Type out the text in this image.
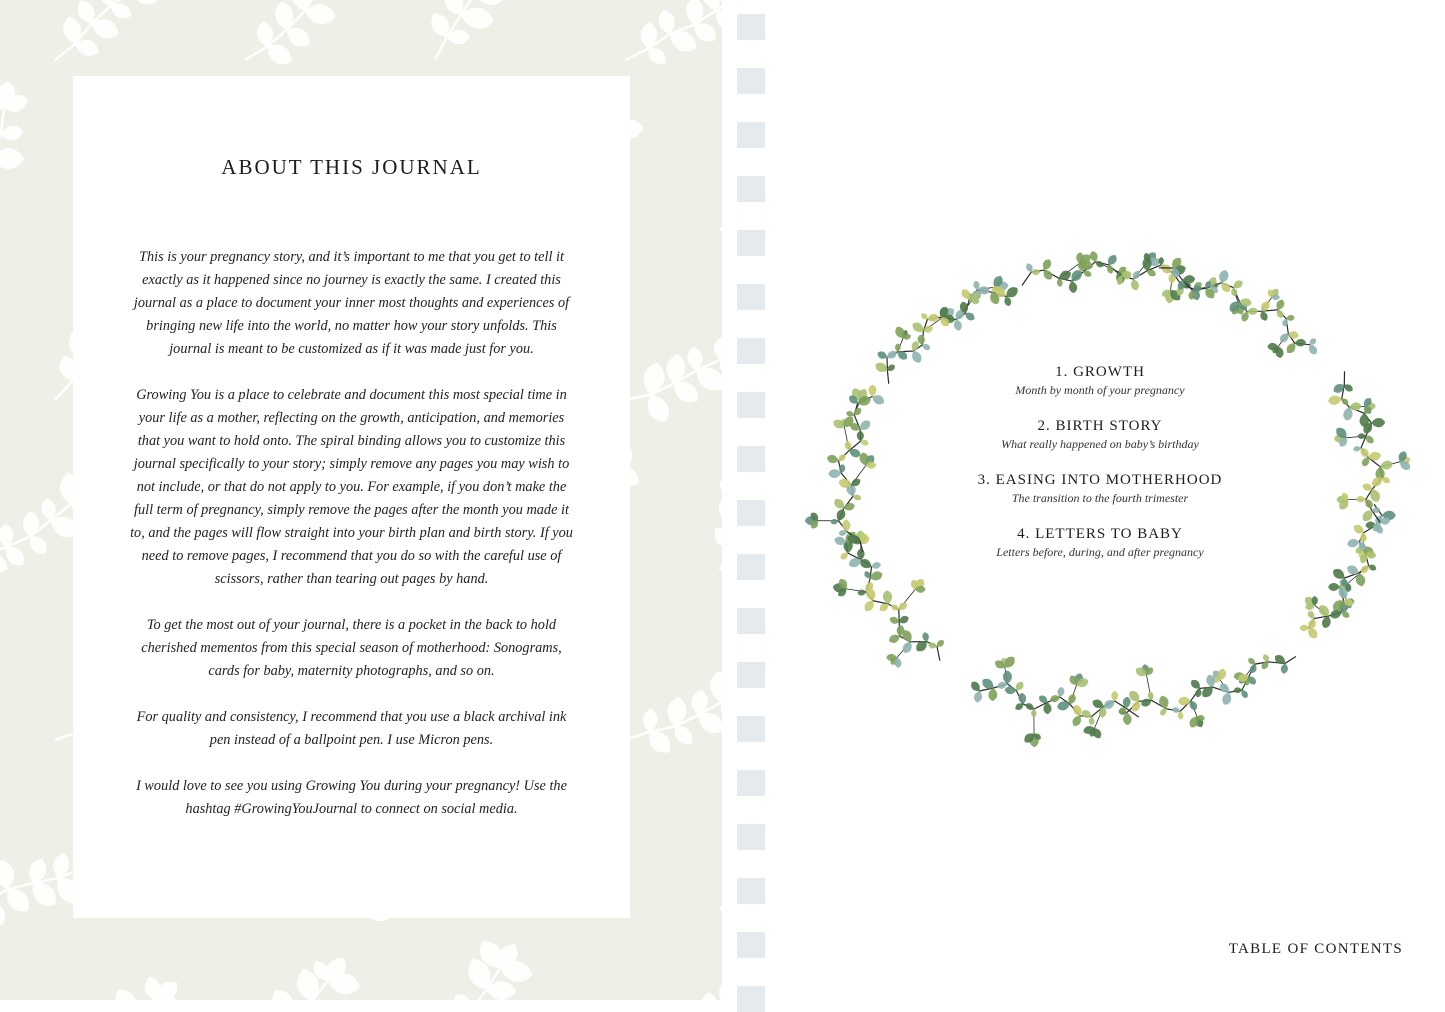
ABOUT THIS JOURNAL

This is your pregnancy story, and it’s important to me that you get to tell it exactly as it happened since no journey is exactly the same. I created this journal as a place to document your inner most thoughts and experiences of bringing new life into the world, no matter how your story unfolds. This journal is meant to be customized as if it was made just for you.

Growing You is a place to celebrate and document this most special time in your life as a mother, reflecting on the growth, anticipation, and memories that you want to hold onto. The spiral binding allows you to customize this journal specifically to your story; simply remove any pages you may wish to not include, or that do not apply to you. For example, if you don’t make the full term of pregnancy, simply remove the pages after the month you made it to, and the pages will flow straight into your birth plan and birth story. If you need to remove pages, I recommend that you do so with the careful use of scissors, rather than tearing out pages by hand.

To get the most out of your journal, there is a pocket in the back to hold cherished mementos from this special season of motherhood: Sonograms, cards for baby, maternity photographs, and so on.

For quality and consistency, I recommend that you use a black archival ink pen instead of a ballpoint pen. I use Micron pens.

I would love to see you using Growing You during your pregnancy! Use the hashtag #GrowingYouJournal to connect on social media.

1. GROWTH
Month by month of your pregnancy
2. BIRTH STORY
What really happened on baby’s birthday
3. EASING INTO MOTHERHOOD
The transition to the fourth trimester
4. LETTERS TO BABY
Letters before, during, and after pregnancy
TABLE OF CONTENTS
